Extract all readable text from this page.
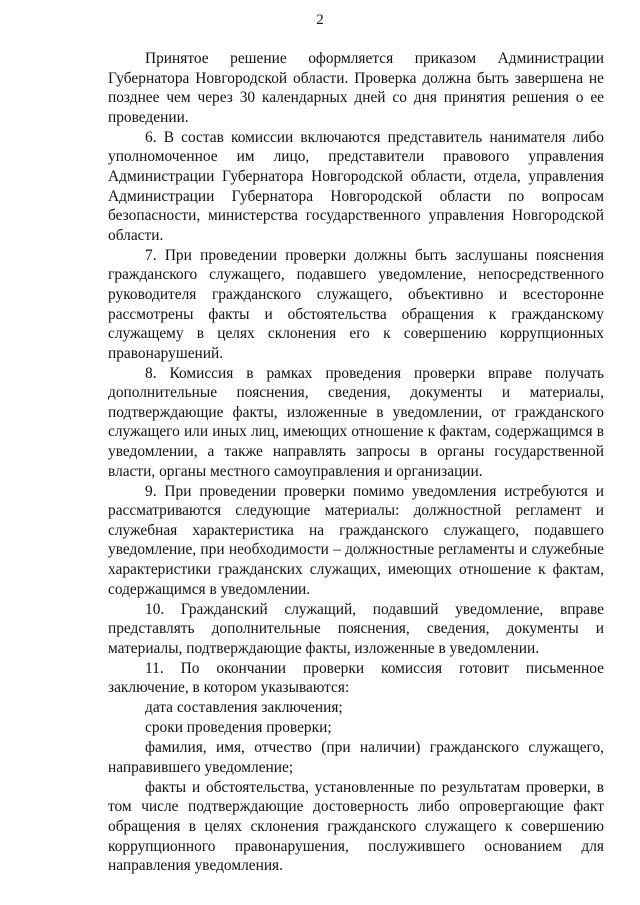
2

Принятое решение оформляется приказом Администрации Губернатора Новгородской области. Проверка должна быть завершена не позднее чем через 30 календарных дней со дня принятия решения о ее проведении.

6. В состав комиссии включаются представитель нанимателя либо уполномоченное им лицо, представители правового управления Администрации Губернатора Новгородской области, отдела, управления Администрации Губернатора Новгородской области по вопросам безопасности, министерства государственного управления Новгородской области.

7. При проведении проверки должны быть заслушаны пояснения гражданского служащего, подавшего уведомление, непосредственного руководителя гражданского служащего, объективно и всесторонне рассмотрены факты и обстоятельства обращения к гражданскому служащему в целях склонения его к совершению коррупционных правонарушений.

8. Комиссия в рамках проведения проверки вправе получать дополнительные пояснения, сведения, документы и материалы, подтверждающие факты, изложенные в уведомлении, от гражданского служащего или иных лиц, имеющих отношение к фактам, содержащимся в уведомлении, а также направлять запросы в органы государственной власти, органы местного самоуправления и организации.

9. При проведении проверки помимо уведомления истребуются и рассматриваются следующие материалы: должностной регламент и служебная характеристика на гражданского служащего, подавшего уведомление, при необходимости – должностные регламенты и служебные характеристики гражданских служащих, имеющих отношение к фактам, содержащимся в уведомлении.

10. Гражданский служащий, подавший уведомление, вправе представлять дополнительные пояснения, сведения, документы и материалы, подтверждающие факты, изложенные в уведомлении.

11. По окончании проверки комиссия готовит письменное заключение, в котором указываются:

дата составления заключения;

сроки проведения проверки;

фамилия, имя, отчество (при наличии) гражданского служащего, направившего уведомление;

факты и обстоятельства, установленные по результатам проверки, в том числе подтверждающие достоверность либо опровергающие факт обращения в целях склонения гражданского служащего к совершению коррупционного правонарушения, послужившего основанием для направления уведомления.
